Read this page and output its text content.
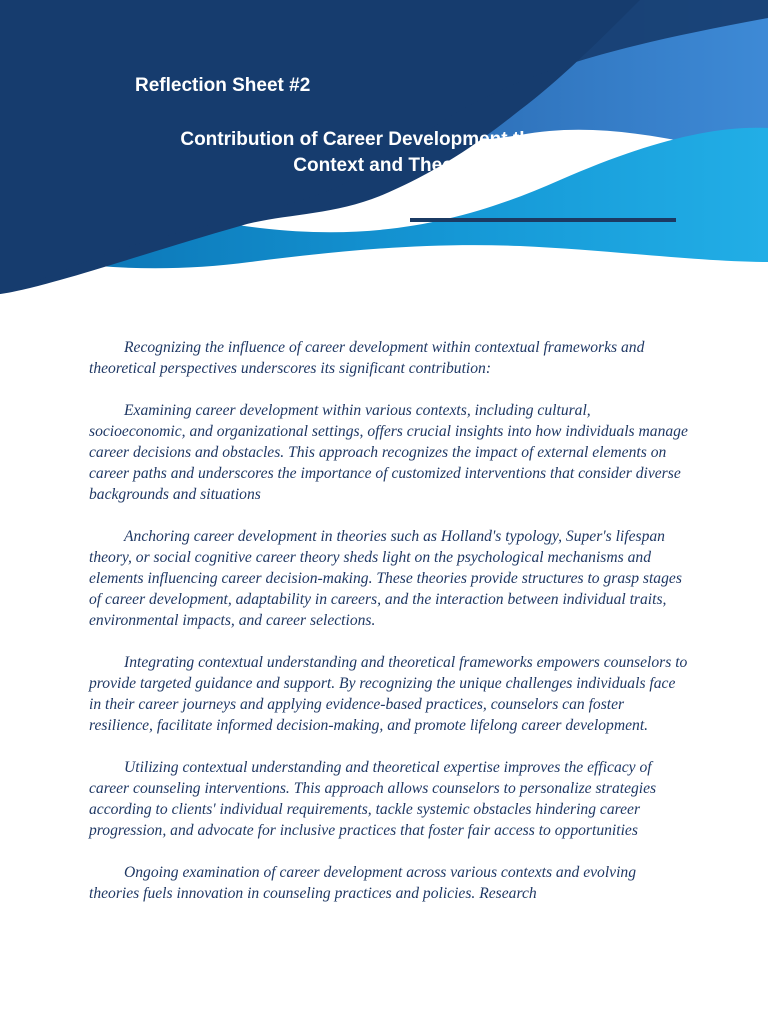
Reflection Sheet #2
Contribution of Career Development through
Context and Theory

Recognizing the influence of career development within contextual frameworks and theoretical perspectives underscores its significant contribution:

Examining career development within various contexts, including cultural, socioeconomic, and organizational settings, offers crucial insights into how individuals manage career decisions and obstacles. This approach recognizes the impact of external elements on career paths and underscores the importance of customized interventions that consider diverse backgrounds and situations

Anchoring career development in theories such as Holland's typology, Super's lifespan theory, or social cognitive career theory sheds light on the psychological mechanisms and elements influencing career decision-making. These theories provide structures to grasp stages of career development, adaptability in careers, and the interaction between individual traits, environmental impacts, and career selections.

Integrating contextual understanding and theoretical frameworks empowers counselors to provide targeted guidance and support. By recognizing the unique challenges individuals face in their career journeys and applying evidence-based practices, counselors can foster resilience, facilitate informed decision-making, and promote lifelong career development.

Utilizing contextual understanding and theoretical expertise improves the efficacy of career counseling interventions. This approach allows counselors to personalize strategies according to clients' individual requirements, tackle systemic obstacles hindering career progression, and advocate for inclusive practices that foster fair access to opportunities

Ongoing examination of career development across various contexts and evolving theories fuels innovation in counseling practices and policies. Research
